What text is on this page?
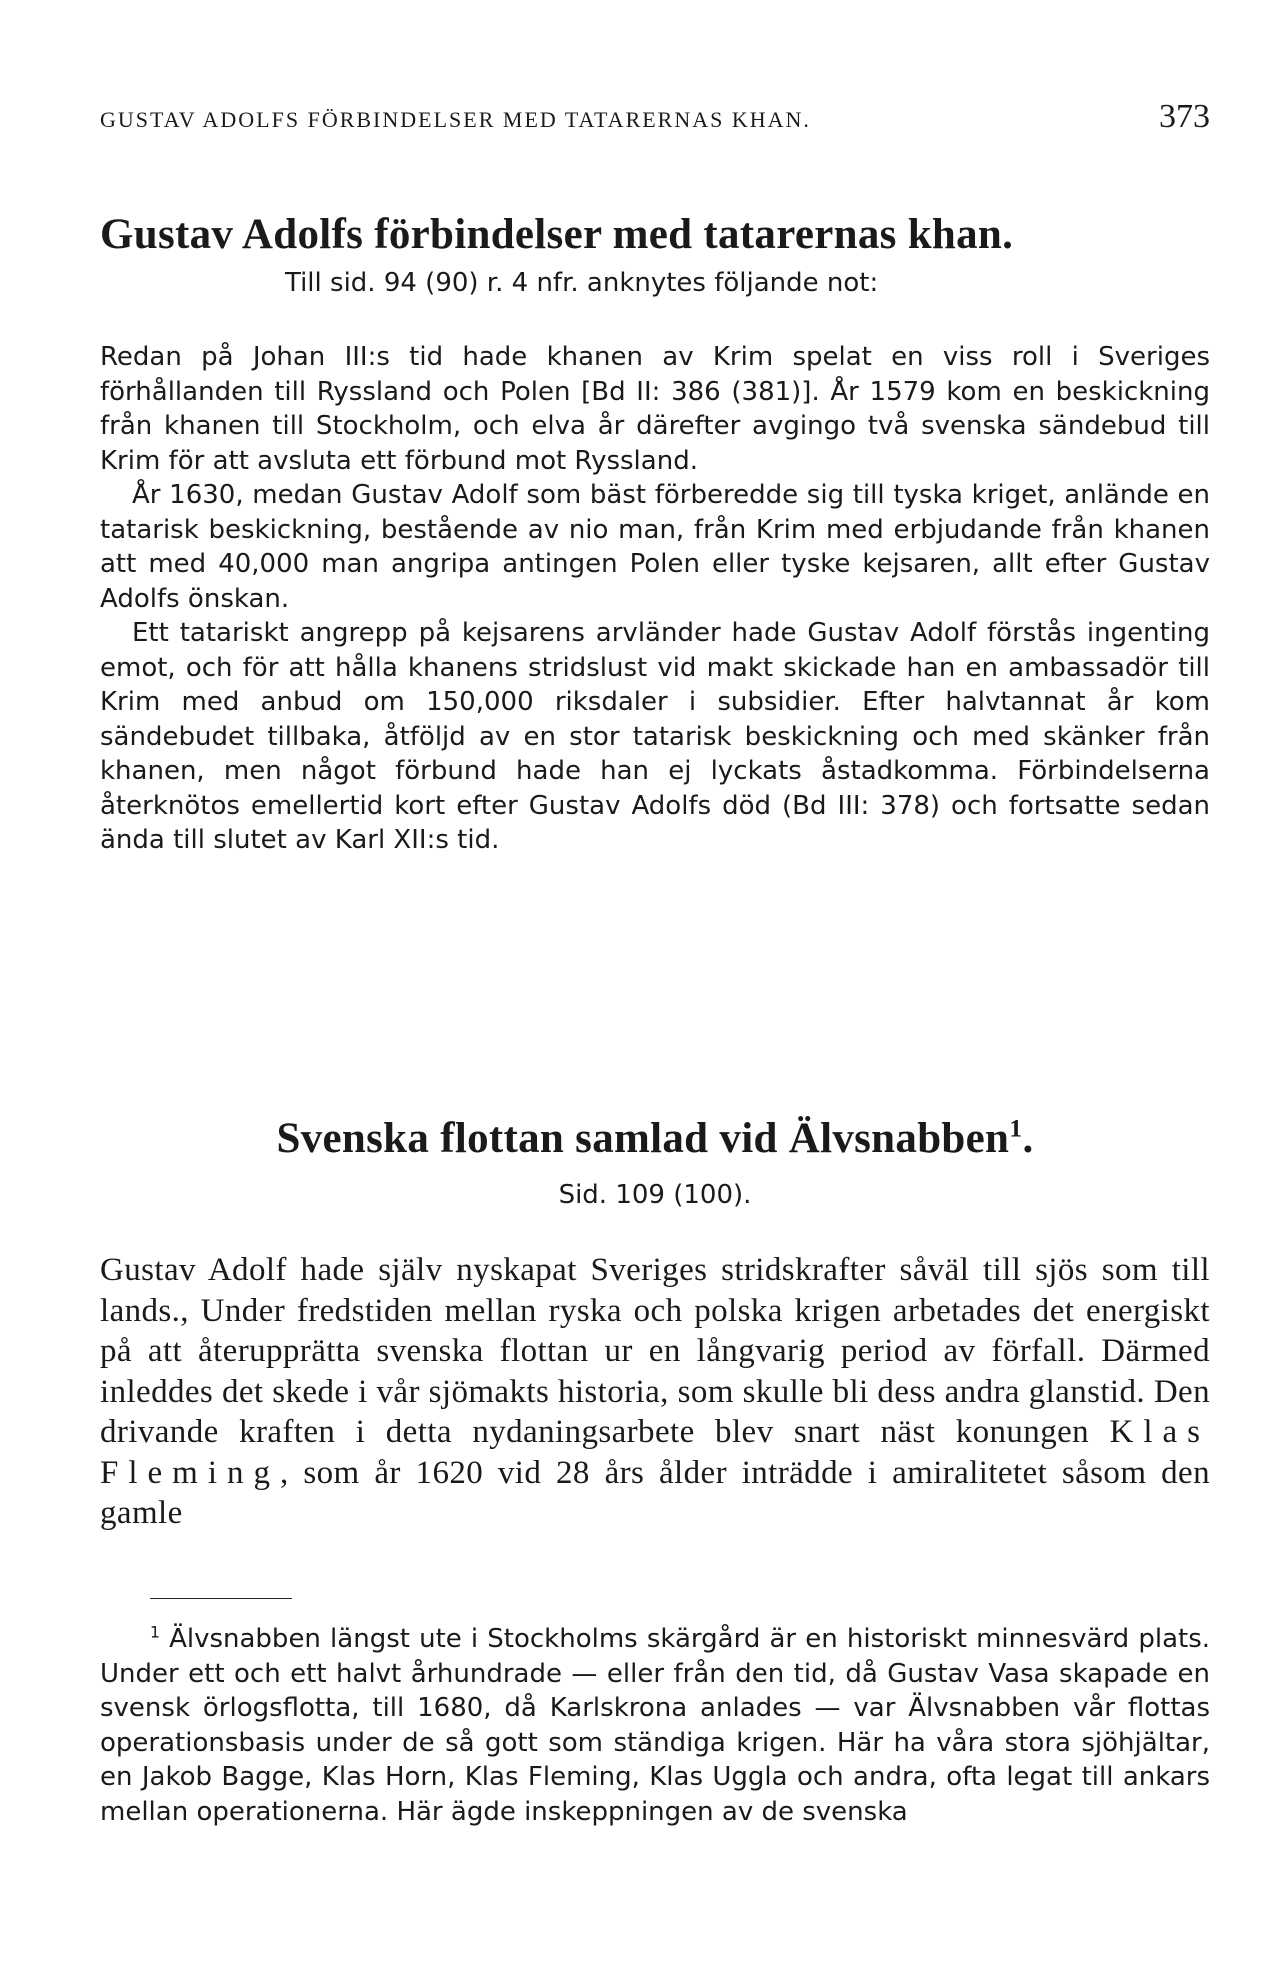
GUSTAV ADOLFS FÖRBINDELSER MED TATARERNAS KHAN.	373
Gustav Adolfs förbindelser med tatarernas khan.
Till sid. 94 (90) r. 4 nfr. anknytes följande not:

Redan på Johan III:s tid hade khanen av Krim spelat en viss roll i Sveriges förhållanden till Ryssland och Polen [Bd II: 386 (381)]. År 1579 kom en beskickning från khanen till Stockholm, och elva år därefter avgingo två svenska sändebud till Krim för att avsluta ett förbund mot Ryssland.

År 1630, medan Gustav Adolf som bäst förberedde sig till tyska kriget, anlände en tatarisk beskickning, bestående av nio man, från Krim med erbjudande från khanen att med 40,000 man angripa antingen Polen eller tyske kejsaren, allt efter Gustav Adolfs önskan.

Ett tatariskt angrepp på kejsarens arvländer hade Gustav Adolf förstås ingenting emot, och för att hålla khanens stridslust vid makt skickade han en ambassadör till Krim med anbud om 150,000 riksdaler i subsidier. Efter halvtannat år kom sändebudet tillbaka, åtföljd av en stor tatarisk beskickning och med skänker från khanen, men något förbund hade han ej lyckats åstadkomma. Förbindelserna återknötos emellertid kort efter Gustav Adolfs död (Bd III: 378) och fortsatte sedan ända till slutet av Karl XII:s tid.

Svenska flottan samlad vid Älvsnabben$^1$.
Sid. 109 (100).

Gustav Adolf hade själv nyskapat Sveriges stridskrafter såväl till sjös som till lands., Under fredstiden mellan ryska och polska krigen arbetades det energiskt på att återupprätta svenska flottan ur en långvarig period av förfall. Därmed inleddes det skede i vår sjömakts historia, som skulle bli dess andra glanstid. Den drivande kraften i detta nydaningsarbete blev snart näst konungen Klas Fleming, som år 1620 vid 28 års ålder inträdde i amiralitetet såsom den gamle

$^1$ Älvsnabben längst ute i Stockholms skärgård är en historiskt minnesvärd plats. Under ett och ett halvt århundrade — eller från den tid, då Gustav Vasa skapade en svensk örlogsflotta, till 1680, då Karlskrona anlades — var Älvsnabben vår flottas operationsbasis under de så gott som ständiga krigen. Här ha våra stora sjöhjältar, en Jakob Bagge, Klas Horn, Klas Fleming, Klas Uggla och andra, ofta legat till ankars mellan operationerna. Här ägde inskeppningen av de svenska
